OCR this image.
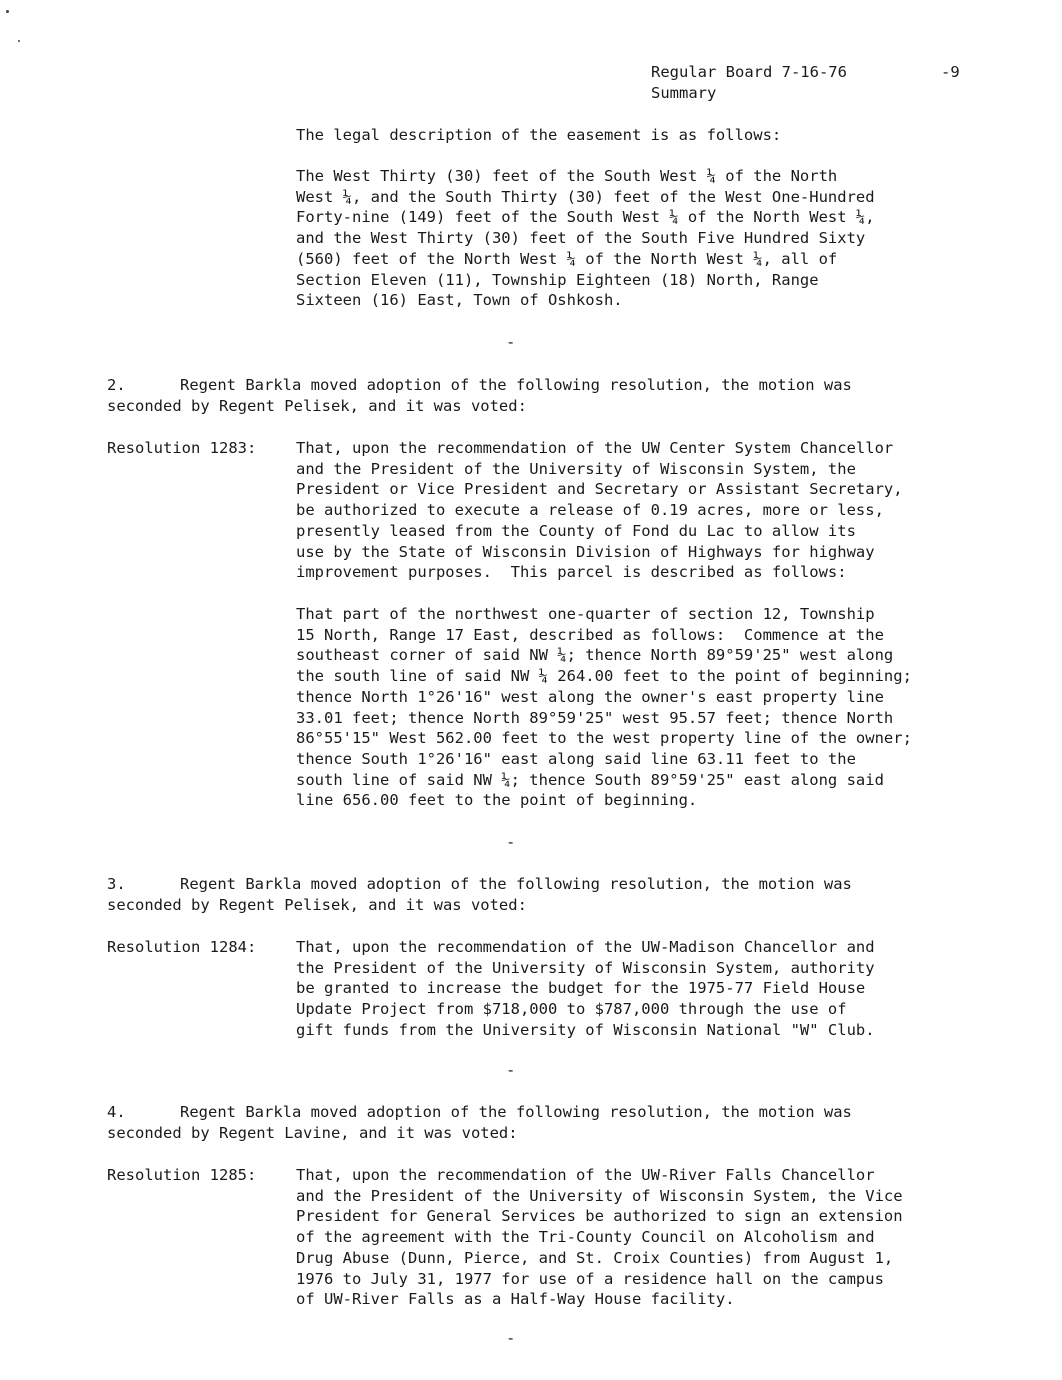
Regular Board 7-16-76	-9
Summary
The legal description of the easement is as follows:
The West Thirty (30) feet of the South West ¼ of the North
West ¼, and the South Thirty (30) feet of the West One-Hundred
Forty-nine (149) feet of the South West ¼ of the North West ¼,
and the West Thirty (30) feet of the South Five Hundred Sixty
(560) feet of the North West ¼ of the North West ¼, all of
Section Eleven (11), Township Eighteen (18) North, Range
Sixteen (16) East, Town of Oshkosh.
-
2.	Regent Barkla moved adoption of the following resolution, the motion was
seconded by Regent Pelisek, and it was voted:
Resolution 1283:	That, upon the recommendation of the UW Center System Chancellor
and the President of the University of Wisconsin System, the
President or Vice President and Secretary or Assistant Secretary,
be authorized to execute a release of 0.19 acres, more or less,
presently leased from the County of Fond du Lac to allow its
use by the State of Wisconsin Division of Highways for highway
improvement purposes.  This parcel is described as follows:
That part of the northwest one-quarter of section 12, Township
15 North, Range 17 East, described as follows:  Commence at the
southeast corner of said NW ¼; thence North 89°59'25" west along
the south line of said NW ¼ 264.00 feet to the point of beginning;
thence North 1°26'16" west along the owner's east property line
33.01 feet; thence North 89°59'25" west 95.57 feet; thence North
86°55'15" West 562.00 feet to the west property line of the owner;
thence South 1°26'16" east along said line 63.11 feet to the
south line of said NW ¼; thence South 89°59'25" east along said
line 656.00 feet to the point of beginning.
-
3.	Regent Barkla moved adoption of the following resolution, the motion was
seconded by Regent Pelisek, and it was voted:
Resolution 1284:	That, upon the recommendation of the UW-Madison Chancellor and
the President of the University of Wisconsin System, authority
be granted to increase the budget for the 1975-77 Field House
Update Project from $718,000 to $787,000 through the use of
gift funds from the University of Wisconsin National "W" Club.
-
4.	Regent Barkla moved adoption of the following resolution, the motion was
seconded by Regent Lavine, and it was voted:
Resolution 1285:	That, upon the recommendation of the UW-River Falls Chancellor
and the President of the University of Wisconsin System, the Vice
President for General Services be authorized to sign an extension
of the agreement with the Tri-County Council on Alcoholism and
Drug Abuse (Dunn, Pierce, and St. Croix Counties) from August 1,
1976 to July 31, 1977 for use of a residence hall on the campus
of UW-River Falls as a Half-Way House facility.
-
